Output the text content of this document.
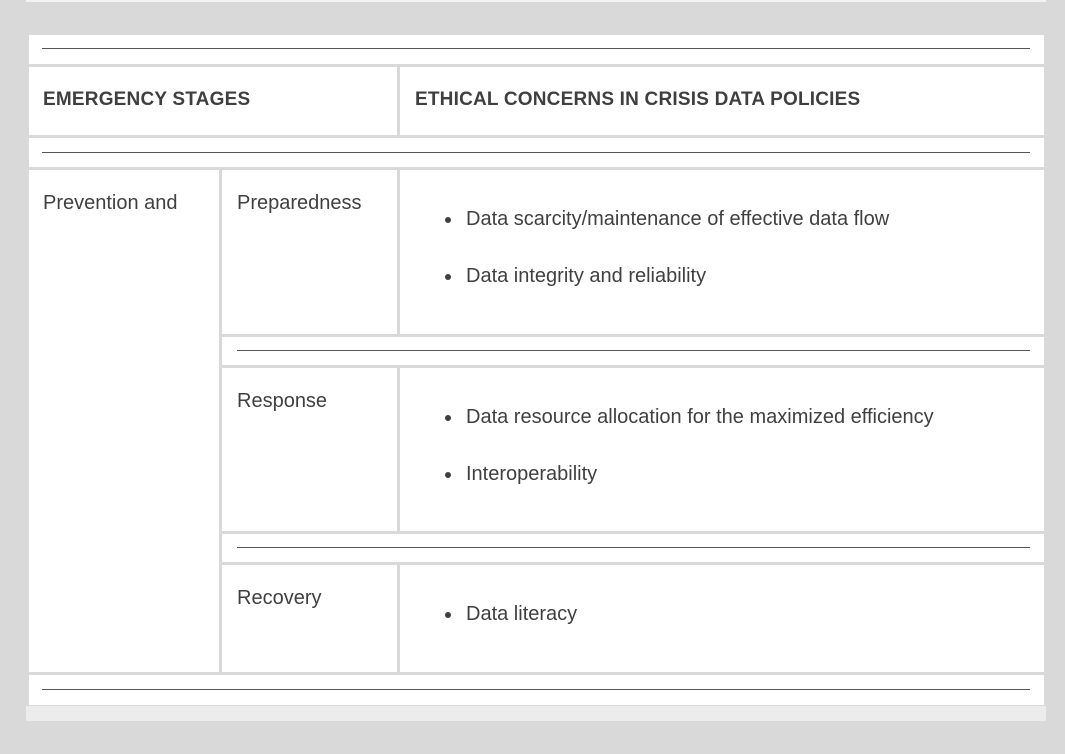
EMERGENCY STAGES	ETHICAL CONCERNS IN CRISIS DATA POLICIES
Prevention and	Preparedness
Data scarcity/maintenance of effective data flow
Data integrity and reliability
Response
Data resource allocation for the maximized efficiency
Interoperability
Recovery
Data literacy
